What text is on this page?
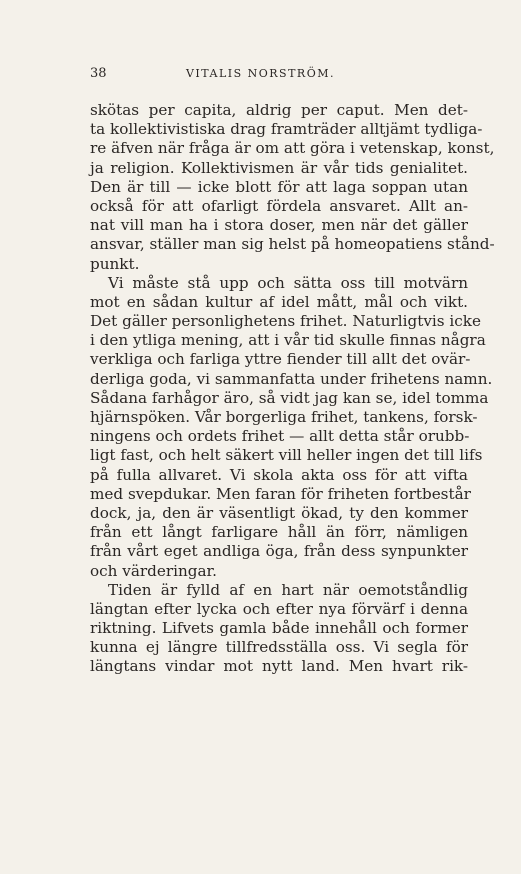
38	VITALIS NORSTRÖM.
skötas per capita, aldrig per caput. Men det-
ta kollektivistiska drag framträder alltjämt tydliga-
re äfven när fråga är om att göra i vetenskap, konst,
ja religion. Kollektivismen är vår tids genialitet.
Den är till — icke blott för att laga soppan utan
också för att ofarligt fördela ansvaret. Allt an-
nat vill man ha i stora doser, men när det gäller
ansvar, ställer man sig helst på homeopatiens stånd-
punkt.
Vi måste stå upp och sätta oss till motvärn
mot en sådan kultur af idel mått, mål och vikt.
Det gäller personlighetens frihet. Naturligtvis icke
i den ytliga mening, att i vår tid skulle finnas några
verkliga och farliga yttre fiender till allt det ovär-
derliga goda, vi sammanfatta under frihetens namn.
Sådana farhågor äro, så vidt jag kan se, idel tomma
hjärnspöken. Vår borgerliga frihet, tankens, forsk-
ningens och ordets frihet — allt detta står orubb-
ligt fast, och helt säkert vill heller ingen det till lifs
på fulla allvaret. Vi skola akta oss för att vifta
med svepdukar. Men faran för friheten fortbestår
dock, ja, den är väsentligt ökad, ty den kommer
från ett långt farligare håll än förr, nämligen
från vårt eget andliga öga, från dess synpunkter
och värderingar.
Tiden är fylld af en hart när oemotståndlig
längtan efter lycka och efter nya förvärf i denna
riktning. Lifvets gamla både innehåll och former
kunna ej längre tillfredsställa oss. Vi segla för
längtans vindar mot nytt land. Men hvart rik-
